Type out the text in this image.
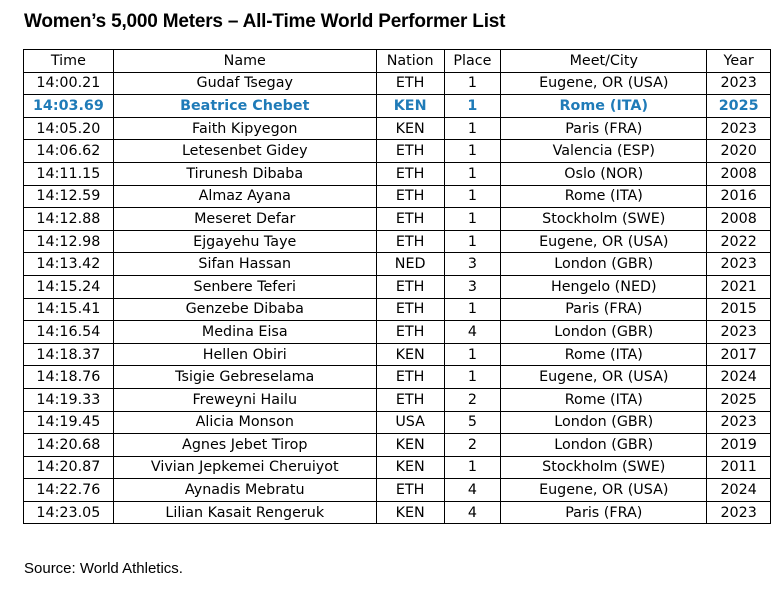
Women’s 5,000 Meters – All-Time World Performer List
Time	Name	Nation	Place	Meet/City	Year
14:00.21	Gudaf Tsegay	ETH	1	Eugene, OR (USA)	2023
14:03.69	Beatrice Chebet	KEN	1	Rome (ITA)	2025
14:05.20	Faith Kipyegon	KEN	1	Paris (FRA)	2023
14:06.62	Letesenbet Gidey	ETH	1	Valencia (ESP)	2020
14:11.15	Tirunesh Dibaba	ETH	1	Oslo (NOR)	2008
14:12.59	Almaz Ayana	ETH	1	Rome (ITA)	2016
14:12.88	Meseret Defar	ETH	1	Stockholm (SWE)	2008
14:12.98	Ejgayehu Taye	ETH	1	Eugene, OR (USA)	2022
14:13.42	Sifan Hassan	NED	3	London (GBR)	2023
14:15.24	Senbere Teferi	ETH	3	Hengelo (NED)	2021
14:15.41	Genzebe Dibaba	ETH	1	Paris (FRA)	2015
14:16.54	Medina Eisa	ETH	4	London (GBR)	2023
14:18.37	Hellen Obiri	KEN	1	Rome (ITA)	2017
14:18.76	Tsigie Gebreselama	ETH	1	Eugene, OR (USA)	2024
14:19.33	Freweyni Hailu	ETH	2	Rome (ITA)	2025
14:19.45	Alicia Monson	USA	5	London (GBR)	2023
14:20.68	Agnes Jebet Tirop	KEN	2	London (GBR)	2019
14:20.87	Vivian Jepkemei Cheruiyot	KEN	1	Stockholm (SWE)	2011
14:22.76	Aynadis Mebratu	ETH	4	Eugene, OR (USA)	2024
14:23.05	Lilian Kasait Rengeruk	KEN	4	Paris (FRA)	2023
Source: World Athletics.
